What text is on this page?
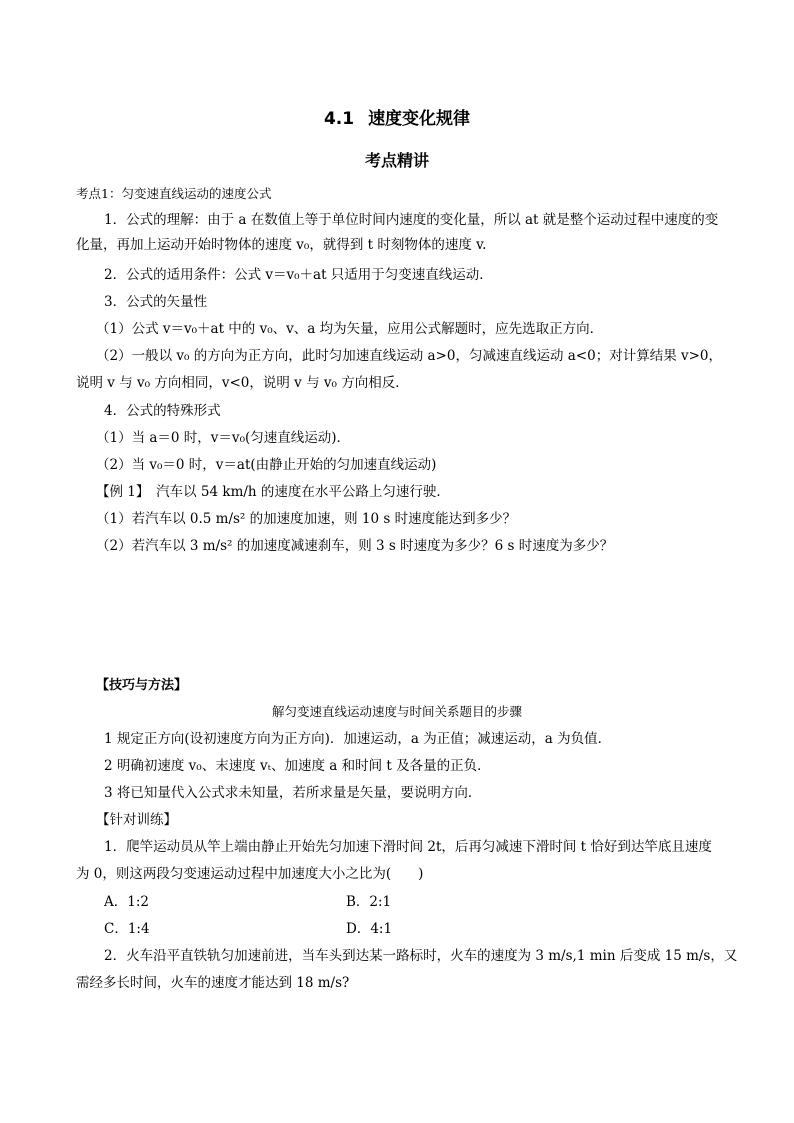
4.1 速度变化规律
考点精讲
考点1：匀变速直线运动的速度公式
1．公式的理解：由于 a 在数值上等于单位时间内速度的变化量，所以 at 就是整个运动过程中速度的变
化量，再加上运动开始时物体的速度 v₀，就得到 t 时刻物体的速度 v.
2．公式的适用条件：公式 v＝v₀＋at 只适用于匀变速直线运动．
3．公式的矢量性
（1）公式 v＝v₀＋at 中的 v₀、v、a 均为矢量，应用公式解题时，应先选取正方向．
（2）一般以 v₀ 的方向为正方向，此时匀加速直线运动 a>0，匀减速直线运动 a<0；对计算结果 v>0，
说明 v 与 v₀ 方向相同，v<0，说明 v 与 v₀ 方向相反．
4．公式的特殊形式
（1）当 a＝0 时，v＝v₀(匀速直线运动)．
（2）当 v₀＝0 时，v＝at(由静止开始的匀加速直线运动)
【例 1】　汽车以 54 km/h 的速度在水平公路上匀速行驶．
（1）若汽车以 0.5 m/s² 的加速度加速，则 10 s 时速度能达到多少？
（2）若汽车以 3 m/s² 的加速度减速刹车，则 3 s 时速度为多少？6 s 时速度为多少？
【技巧与方法】
解匀变速直线运动速度与时间关系题目的步骤
1 规定正方向(设初速度方向为正方向)．加速运动，a 为正值；减速运动，a 为负值．
2 明确初速度 v₀、末速度 vₜ、加速度 a 和时间 t 及各量的正负．
3 将已知量代入公式求未知量，若所求量是矢量，要说明方向．
【针对训练】
1．爬竿运动员从竿上端由静止开始先匀加速下滑时间 2t，后再匀减速下滑时间 t 恰好到达竿底且速度
为 0，则这两段匀变速运动过程中加速度大小之比为(　　)
A．1:2	B．2:1
C．1:4	D．4:1
2．火车沿平直铁轨匀加速前进，当车头到达某一路标时，火车的速度为 3 m/s,1 min 后变成 15 m/s，又
需经多长时间，火车的速度才能达到 18 m/s?
